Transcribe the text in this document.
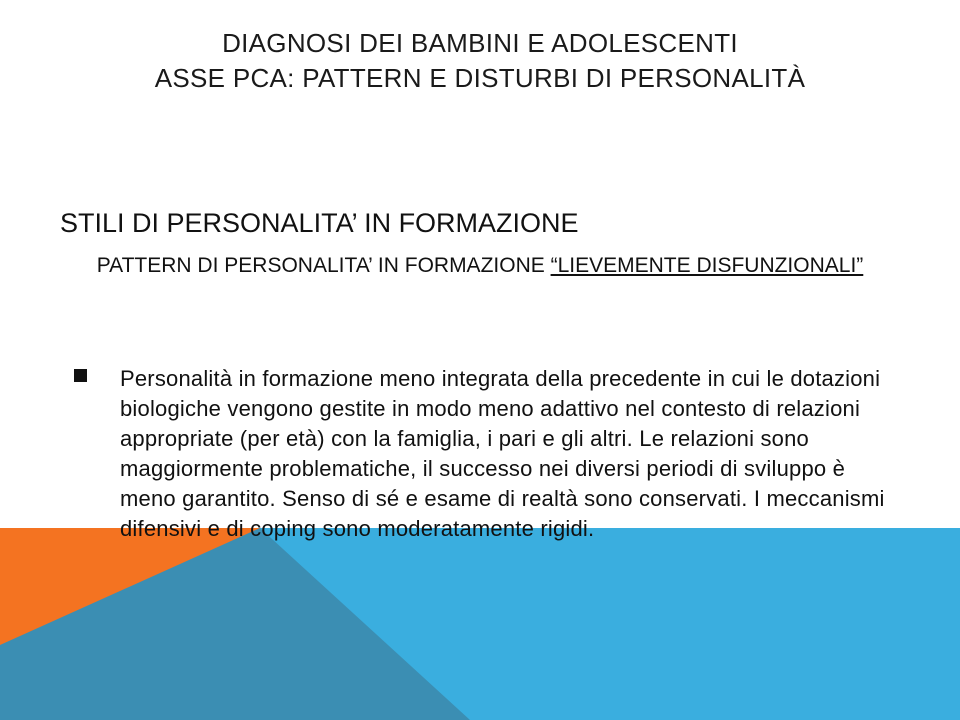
DIAGNOSI DEI BAMBINI E ADOLESCENTI
ASSE PCA: PATTERN E DISTURBI DI PERSONALITÀ
STILI DI PERSONALITA’ IN FORMAZIONE
PATTERN DI PERSONALITA’ IN FORMAZIONE “LIEVEMENTE DISFUNZIONALI”
Personalità in formazione meno integrata della precedente in cui le dotazioni biologiche vengono gestite in modo meno adattivo nel contesto di relazioni appropriate (per età) con la famiglia, i pari e gli altri. Le relazioni sono maggiormente problematiche, il successo nei diversi periodi di sviluppo è meno garantito. Senso di sé e esame di realtà sono conservati. I meccanismi difensivi e di coping sono moderatamente rigidi.
